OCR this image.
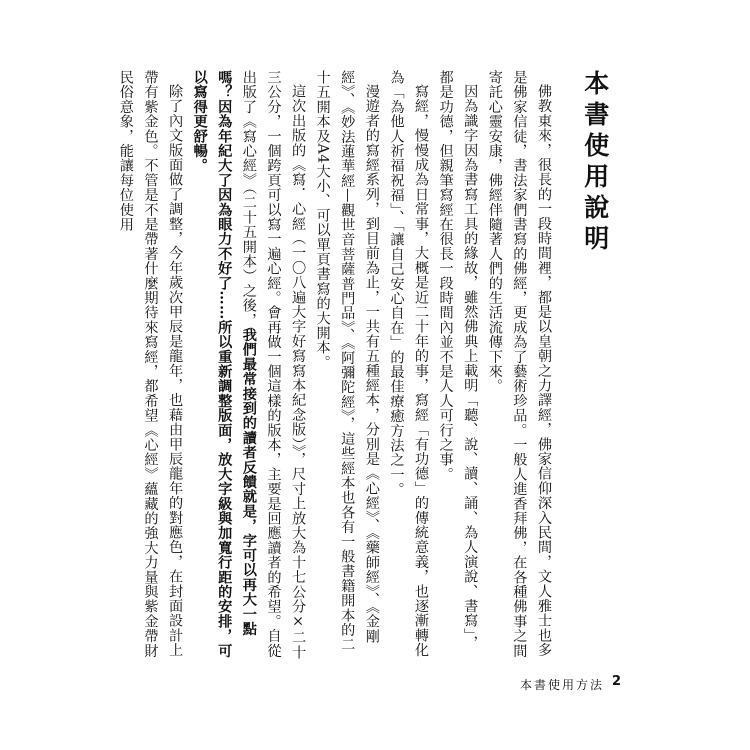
本書使用說明

佛教東來，很長的一段時間裡，都是以皇朝之力譯經，佛家信仰深入民間，文人雅士也多是佛家信徒，書法家們書寫的佛經，更成為了藝術珍品。一般人進香拜佛，在各種佛事之間寄託心靈安康，佛經伴隨著人們的生活流傳下來。

因為識字因為書寫工具的緣故，雖然佛典上載明「聽、說、讀、誦、為人演說、書寫」，都是功德，但親筆寫經在很長一段時間內並不是人人可行之事。

寫經，慢慢成為日常事，大概是近二十年的事，寫經「有功德」的傳統意義，也逐漸轉化為「為他人祈福祝福」、「讓自己安心自在」的最佳療癒方法之一。

漫遊者的寫經系列，到目前為止，一共有五種經本，分別是《心經》、《藥師經》、《金剛經》、《妙法蓮華經—觀世音菩薩普門品》、《阿彌陀經》，這些經本也各有一般書籍開本的二十五開本及A4大小、可以單頁書寫的大開本。

這次出版的《寫．心經（一〇八遍大字好寫寫本紀念版）》，尺寸上放大為十七公分×二十三公分，一個跨頁可以寫一遍心經。會再做一個這樣的版本，主要是回應讀者的希望。自從出版了《寫心經》（二十五開本）之後，我們最常接到的讀者反饋就是，字可以再大一點嗎？因為年紀大了因為眼力不好了……所以重新調整版面，放大字級與加寬行距的安排，可以寫得更舒暢。

除了內文版面做了調整，今年歲次甲辰是龍年，也藉由甲辰龍年的對應色，在封面設計上帶有紫金色。不管是不是帶著什麼期待來寫經，都希望《心經》蘊藏的強大力量與紫金帶財民俗意象，能讓每位使用

本書使用方法 2
